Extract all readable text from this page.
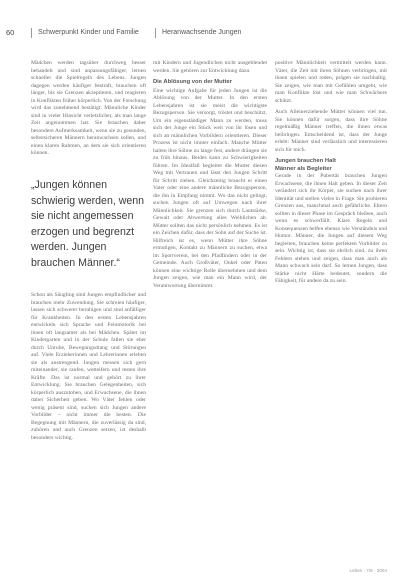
60	Schwerpunkt Kinder und Familie	Heranwachsende Jungen

Mädchen werden tagsüber durchweg besser behandelt und sind anpassungsfähiger, lernen schneller die Spielregeln des Lebens. Jungen dagegen werden häufiger bestraft, brauchen oft länger, bis sie Grenzen akzeptieren, und reagieren in Konflikten früher körperlich. Von der Forschung wird das zunehmend bestätigt. Männliche Kinder sind in vieler Hinsicht verletzlicher, als man lange Zeit angenommen hat. Sie brauchen daher besondere Aufmerksamkeit, wenn sie zu gesunden, selbstsicheren Männern heranwachsen sollen, und einen klaren Rahmen, an dem sie sich orientieren können.

„Jungen können schwierig werden, wenn sie nicht angemessen erzogen und begrenzt werden. Jungen brauchen Männer.“

Schon als Säugling sind Jungen empfindlicher und brauchen mehr Zuwendung. Sie schreien häufiger, lassen sich schwerer beruhigen und sind anfälliger für Krankheiten. In den ersten Lebensjahren entwickeln sich Sprache und Feinmotorik bei ihnen oft langsamer als bei Mädchen. Später im Kindergarten und in der Schule fallen sie eher durch Unruhe, Bewegungsdrang und Störungen auf. Viele Erzieherinnen und Lehrerinnen erleben sie als anstrengend. Jungen messen sich gern miteinander, sie raufen, wetteifern und testen ihre Kräfte. Das ist normal und gehört zu ihrer Entwicklung. Sie brauchen Gelegenheiten, sich körperlich auszutoben, und Erwachsene, die ihnen dabei Sicherheit geben. Wo Väter fehlen oder wenig präsent sind, suchen sich Jungen andere Vorbilder – nicht immer die besten. Die Begegnung mit Männern, die zuverlässig da sind, zuhören und auch Grenzen setzen, ist deshalb besonders wichtig.

mit Kindern und Jugendlichen nicht ausgeblendet werden. Sie gehören zur Entwicklung dazu.

Die Ablösung von der Mutter

Eine wichtige Aufgabe für jeden Jungen ist die Ablösung von der Mutter. In den ersten Lebensjahren ist sie meist die wichtigste Bezugsperson. Sie versorgt, tröstet und beschützt. Um ein eigenständiger Mann zu werden, muss sich der Junge ein Stück weit von ihr lösen und sich an männlichen Vorbildern orientieren. Dieser Prozess ist nicht immer einfach. Manche Mütter halten ihre Söhne zu lange fest, andere drängen sie zu früh hinaus. Beides kann zu Schwierigkeiten führen. Im Idealfall begleitet die Mutter diesen Weg mit Vertrauen und lässt den Jungen Schritt für Schritt ziehen. Gleichzeitig braucht er einen Vater oder eine andere männliche Bezugsperson, die ihn in Empfang nimmt. Wo das nicht gelingt, suchen Jungen oft auf Umwegen nach ihrer Männlichkeit. Sie grenzen sich durch Lautstärke, Gewalt oder Abwertung alles Weiblichen ab. Mütter sollten das nicht persönlich nehmen. Es ist ein Zeichen dafür, dass der Sohn auf der Suche ist. Hilfreich ist es, wenn Mütter ihre Söhne ermutigen, Kontakt zu Männern zu suchen, etwa im Sportverein, bei den Pfadfindern oder in der Gemeinde. Auch Großväter, Onkel oder Paten können eine wichtige Rolle übernehmen und dem Jungen zeigen, wie man ein Mann wird, der Verantwortung übernimmt.

positive Männlichkeit vermittelt werden kann. Väter, die Zeit mit ihren Söhnen verbringen, mit ihnen spielen und reden, prägen sie nachhaltig. Sie zeigen, wie man mit Gefühlen umgeht, wie man Konflikte löst und wie man Schwächere schützt.

Auch Alleinerziehende Mütter können viel tun. Sie können dafür sorgen, dass ihre Söhne regelmäßig Männer treffen, die ihnen etwas beibringen. Entscheidend ist, dass der Junge erlebt: Männer sind verlässlich und interessieren sich für mich.

Jungen brauchen Halt

Männer als Begleiter

Gerade in der Pubertät brauchen Jungen Erwachsene, die ihnen Halt geben. In dieser Zeit verändert sich ihr Körper, sie suchen nach ihrer Identität und stellen vieles in Frage. Sie probieren Grenzen aus, manchmal auch gefährliche. Eltern sollten in dieser Phase im Gespräch bleiben, auch wenn es schwerfällt. Klare Regeln und Konsequenzen helfen ebenso wie Verständnis und Humor. Männer, die Jungen auf diesem Weg begleiten, brauchen keine perfekten Vorbilder zu sein. Wichtig ist, dass sie ehrlich sind, zu ihren Fehlern stehen und zeigen, dass man auch als Mann schwach sein darf. So lernen Jungen, dass Stärke nicht Härte bedeutet, sondern die Fähigkeit, für andere da zu sein.

Leben · 7/8 · 2004
